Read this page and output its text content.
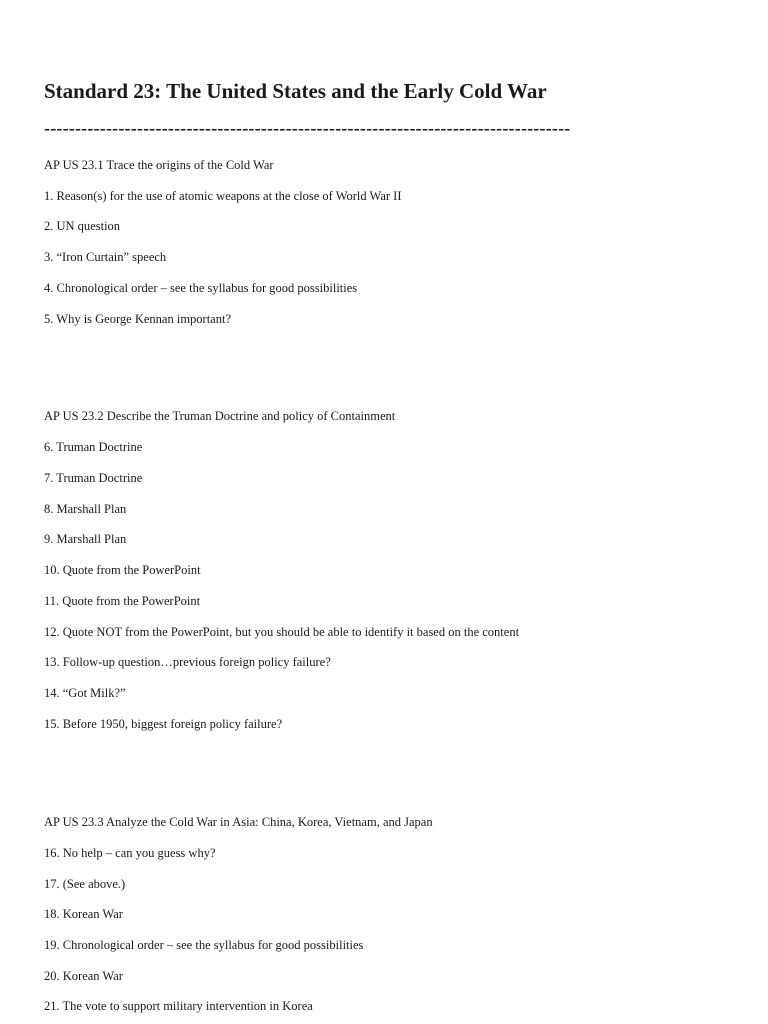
Standard 23: The United States and the Early Cold War
-------------------------------------------------------------------------------------
AP US 23.1 Trace the origins of the Cold War
1. Reason(s) for the use of atomic weapons at the close of World War II
2. UN question
3. “Iron Curtain” speech
4. Chronological order – see the syllabus for good possibilities
5. Why is George Kennan important?
AP US 23.2 Describe the Truman Doctrine and policy of Containment
6. Truman Doctrine
7. Truman Doctrine
8. Marshall Plan
9. Marshall Plan
10. Quote from the PowerPoint
11. Quote from the PowerPoint
12. Quote NOT from the PowerPoint, but you should be able to identify it based on the content
13. Follow-up question…previous foreign policy failure?
14. “Got Milk?”
15. Before 1950, biggest foreign policy failure?
AP US 23.3 Analyze the Cold War in Asia: China, Korea, Vietnam, and Japan
16. No help – can you guess why?
17. (See above.)
18. Korean War
19. Chronological order – see the syllabus for good possibilities
20. Korean War
21. The vote to support military intervention in Korea
